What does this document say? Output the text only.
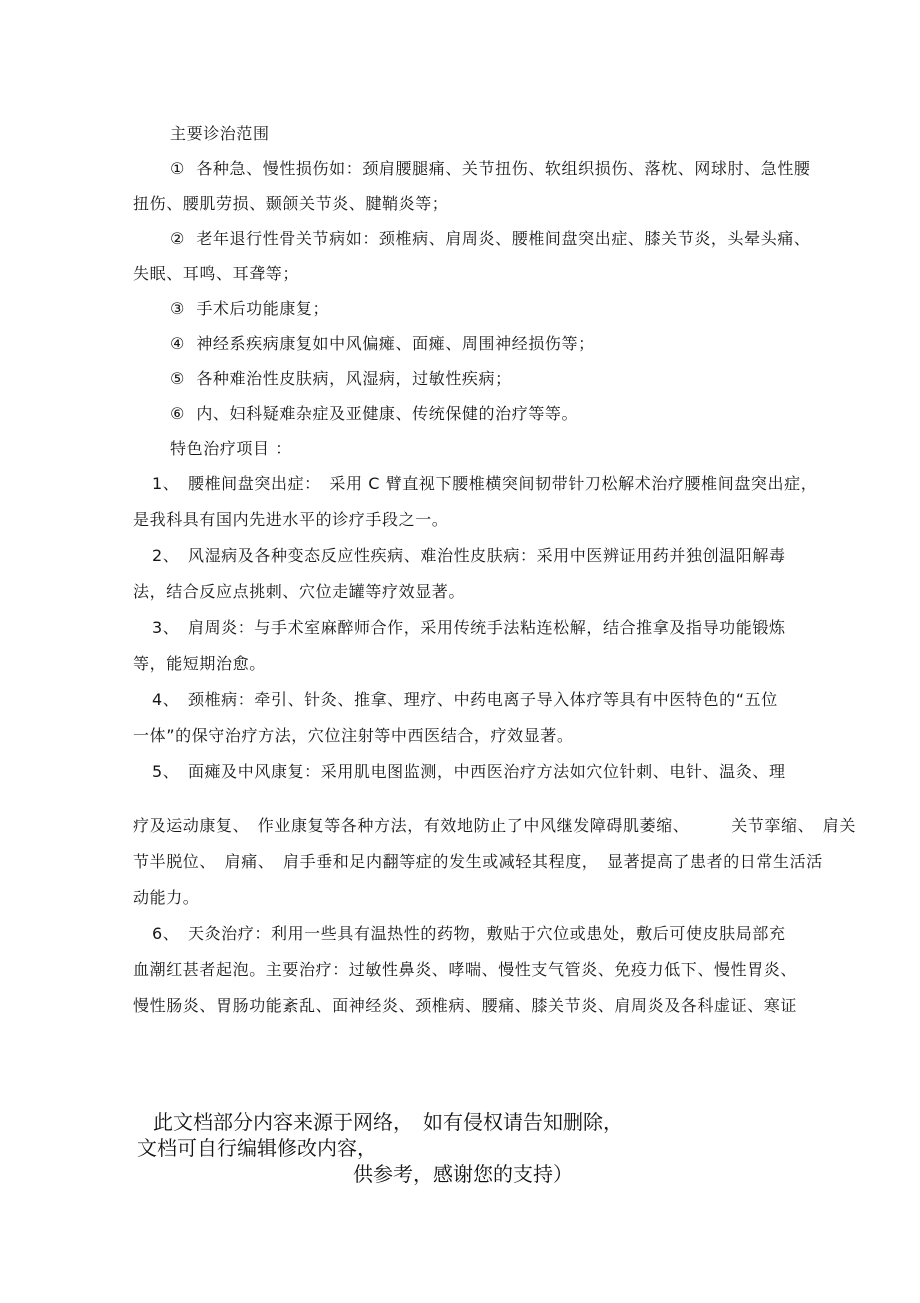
主要诊治范围
①  各种急、慢性损伤如：颈肩腰腿痛、关节扭伤、软组织损伤、落枕、网球肘、急性腰
扭伤、腰肌劳损、颞颌关节炎、腱鞘炎等；
②  老年退行性骨关节病如：颈椎病、肩周炎、腰椎间盘突出症、膝关节炎，头晕头痛、
失眠、耳鸣、耳聋等；
③  手术后功能康复；
④  神经系疾病康复如中风偏瘫、面瘫、周围神经损伤等；
⑤  各种难治性皮肤病，风湿病，过敏性疾病；
⑥  内、妇科疑难杂症及亚健康、传统保健的治疗等等。
特色治疗项目 ：
1、　腰椎间盘突出症：　采用 C 臂直视下腰椎横突间韧带针刀松解术治疗腰椎间盘突出症，
是我科具有国内先进水平的诊疗手段之一。
2、　风湿病及各种变态反应性疾病、难治性皮肤病：采用中医辨证用药并独创温阳解毒
法，结合反应点挑刺、穴位走罐等疗效显著。
3、　肩周炎：与手术室麻醉师合作，采用传统手法粘连松解，结合推拿及指导功能锻炼
等，能短期治愈。
4、　颈椎病：牵引、针灸、推拿、理疗、中药电离子导入体疗等具有中医特色的“五位
一体”的保守治疗方法，穴位注射等中西医结合，疗效显著。
5、　面瘫及中风康复：采用肌电图监测，中西医治疗方法如穴位针刺、电针、温灸、理
疗及运动康复、　作业康复等各种方法，有效地防止了中风继发障碍肌萎缩、　　　关节挛缩、　肩关
节半脱位、　肩痛、　肩手垂和足内翻等症的发生或减轻其程度，　显著提高了患者的日常生活活
动能力。
6、　天灸治疗：利用一些具有温热性的药物，敷贴于穴位或患处，敷后可使皮肤局部充
血潮红甚者起泡。主要治疗：过敏性鼻炎、哮喘、慢性支气管炎、免疫力低下、慢性胃炎、
慢性肠炎、胃肠功能紊乱、面神经炎、颈椎病、腰痛、膝关节炎、肩周炎及各科虚证、寒证
此文档部分内容来源于网络，　如有侵权请告知删除，
文档可自行编辑修改内容，
供参考，感谢您的支持）
